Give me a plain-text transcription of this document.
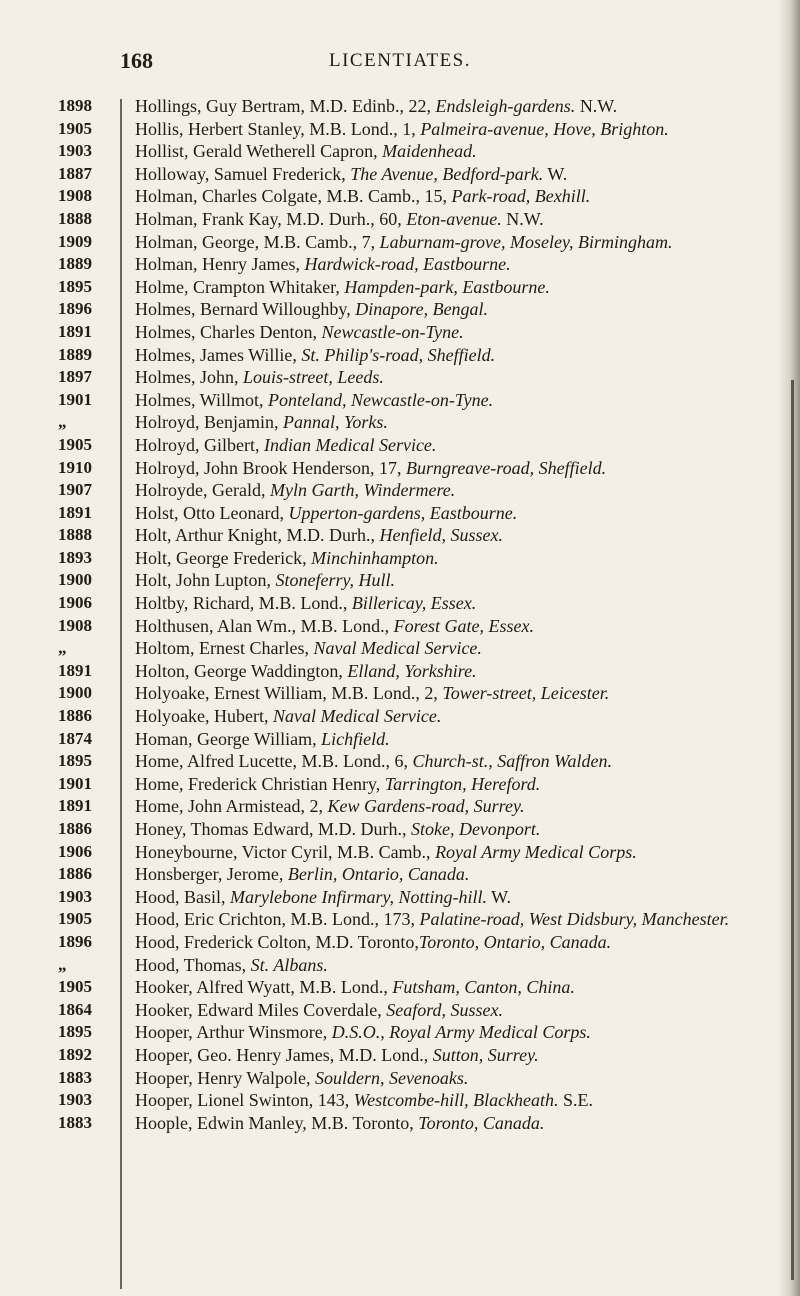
168	LICENTIATES.
1898	Hollings, Guy Bertram, M.D. Edinb., 22, Endsleigh-gardens. N.W.
1905	Hollis, Herbert Stanley, M.B. Lond., 1, Palmeira-avenue, Hove, Brighton.
1903	Hollist, Gerald Wetherell Capron, Maidenhead.
1887	Holloway, Samuel Frederick, The Avenue, Bedford-park. W.
1908	Holman, Charles Colgate, M.B. Camb., 15, Park-road, Bexhill.
1888	Holman, Frank Kay, M.D. Durh., 60, Eton-avenue. N.W.
1909	Holman, George, M.B. Camb., 7, Laburnam-grove, Moseley, Birmingham.
1889	Holman, Henry James, Hardwick-road, Eastbourne.
1895	Holme, Crampton Whitaker, Hampden-park, Eastbourne.
1896	Holmes, Bernard Willoughby, Dinapore, Bengal.
1891	Holmes, Charles Denton, Newcastle-on-Tyne.
1889	Holmes, James Willie, St. Philip's-road, Sheffield.
1897	Holmes, John, Louis-street, Leeds.
1901	Holmes, Willmot, Ponteland, Newcastle-on-Tyne.
„	Holroyd, Benjamin, Pannal, Yorks.
1905	Holroyd, Gilbert, Indian Medical Service.
1910	Holroyd, John Brook Henderson, 17, Burngreave-road, Sheffield.
1907	Holroyde, Gerald, Myln Garth, Windermere.
1891	Holst, Otto Leonard, Upperton-gardens, Eastbourne.
1888	Holt, Arthur Knight, M.D. Durh., Henfield, Sussex.
1893	Holt, George Frederick, Minchinhampton.
1900	Holt, John Lupton, Stoneferry, Hull.
1906	Holtby, Richard, M.B. Lond., Billericay, Essex.
1908	Holthusen, Alan Wm., M.B. Lond., Forest Gate, Essex.
„	Holtom, Ernest Charles, Naval Medical Service.
1891	Holton, George Waddington, Elland, Yorkshire.
1900	Holyoake, Ernest William, M.B. Lond., 2, Tower-street, Leicester.
1886	Holyoake, Hubert, Naval Medical Service.
1874	Homan, George William, Lichfield.
1895	Home, Alfred Lucette, M.B. Lond., 6, Church-st., Saffron Walden.
1901	Home, Frederick Christian Henry, Tarrington, Hereford.
1891	Home, John Armistead, 2, Kew Gardens-road, Surrey.
1886	Honey, Thomas Edward, M.D. Durh., Stoke, Devonport.
1906	Honeybourne, Victor Cyril, M.B. Camb., Royal Army Medical Corps.
1886	Honsberger, Jerome, Berlin, Ontario, Canada.
1903	Hood, Basil, Marylebone Infirmary, Notting-hill. W.
1905	Hood, Eric Crichton, M.B. Lond., 173, Palatine-road, West Didsbury, Manchester.
1896	Hood, Frederick Colton, M.D. Toronto,Toronto, Ontario, Canada.
„	Hood, Thomas, St. Albans.
1905	Hooker, Alfred Wyatt, M.B. Lond., Futsham, Canton, China.
1864	Hooker, Edward Miles Coverdale, Seaford, Sussex.
1895	Hooper, Arthur Winsmore, D.S.O., Royal Army Medical Corps.
1892	Hooper, Geo. Henry James, M.D. Lond., Sutton, Surrey.
1883	Hooper, Henry Walpole, Souldern, Sevenoaks.
1903	Hooper, Lionel Swinton, 143, Westcombe-hill, Blackheath. S.E.
1883	Hoople, Edwin Manley, M.B. Toronto, Toronto, Canada.
